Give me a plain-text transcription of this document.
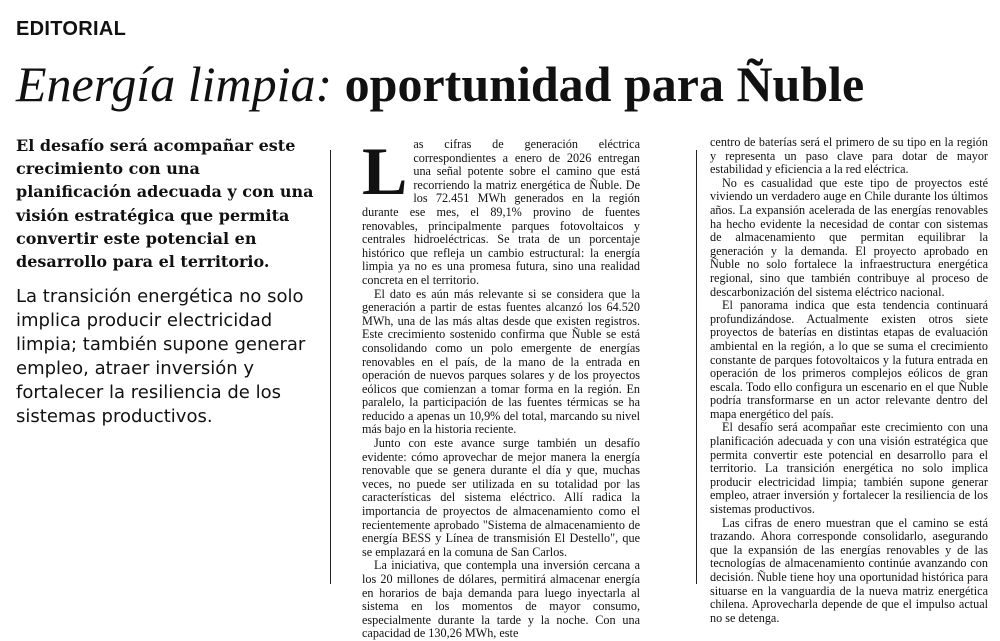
EDITORIAL
Energía limpia: oportunidad para Ñuble
El desafío será acompañar este crecimiento con una planificación adecuada y con una visión estratégica que permita convertir este potencial en desarrollo para el territorio.
La transición energética no solo implica producir electricidad limpia; también supone generar empleo, atraer inversión y fortalecer la resiliencia de los sistemas productivos.
L as cifras de generación eléctrica correspondientes a enero de 2026 entregan una señal potente sobre el camino que está recorriendo la matriz energética de Ñuble. De los 72.451 MWh generados en la región durante ese mes, el 89,1% provino de fuentes renovables, principalmente parques fotovoltaicos y centrales hidroeléctricas. Se trata de un porcentaje histórico que refleja un cambio estructural: la energía limpia ya no es una promesa futura, sino una realidad concreta en el territorio.

El dato es aún más relevante si se considera que la generación a partir de estas fuentes alcanzó los 64.520 MWh, una de las más altas desde que existen registros. Este crecimiento sostenido confirma que Ñuble se está consolidando como un polo emergente de energías renovables en el país, de la mano de la entrada en operación de nuevos parques solares y de los proyectos eólicos que comienzan a tomar forma en la región. En paralelo, la participación de las fuentes térmicas se ha reducido a apenas un 10,9% del total, marcando su nivel más bajo en la historia reciente.

Junto con este avance surge también un desafío evidente: cómo aprovechar de mejor manera la energía renovable que se genera durante el día y que, muchas veces, no puede ser utilizada en su totalidad por las características del sistema eléctrico. Allí radica la importancia de proyectos de almacenamiento como el recientemente aprobado "Sistema de almacenamiento de energía BESS y Línea de transmisión El Destello", que se emplazará en la comuna de San Carlos.

La iniciativa, que contempla una inversión cercana a los 20 millones de dólares, permitirá almacenar energía en horarios de baja demanda para luego inyectarla al sistema en los momentos de mayor consumo, especialmente durante la tarde y la noche. Con una capacidad de 130,26 MWh, este

centro de baterías será el primero de su tipo en la región y representa un paso clave para dotar de mayor estabilidad y eficiencia a la red eléctrica.

No es casualidad que este tipo de proyectos esté viviendo un verdadero auge en Chile durante los últimos años. La expansión acelerada de las energías renovables ha hecho evidente la necesidad de contar con sistemas de almacenamiento que permitan equilibrar la generación y la demanda. El proyecto aprobado en Ñuble no solo fortalece la infraestructura energética regional, sino que también contribuye al proceso de descarbonización del sistema eléctrico nacional.

El panorama indica que esta tendencia continuará profundizándose. Actualmente existen otros siete proyectos de baterías en distintas etapas de evaluación ambiental en la región, a lo que se suma el crecimiento constante de parques fotovoltaicos y la futura entrada en operación de los primeros complejos eólicos de gran escala. Todo ello configura un escenario en el que Ñuble podría transformarse en un actor relevante dentro del mapa energético del país.

El desafío será acompañar este crecimiento con una planificación adecuada y con una visión estratégica que permita convertir este potencial en desarrollo para el territorio. La transición energética no solo implica producir electricidad limpia; también supone generar empleo, atraer inversión y fortalecer la resiliencia de los sistemas productivos.

Las cifras de enero muestran que el camino se está trazando. Ahora corresponde consolidarlo, asegurando que la expansión de las energías renovables y de las tecnologías de almacenamiento continúe avanzando con decisión. Ñuble tiene hoy una oportunidad histórica para situarse en la vanguardia de la nueva matriz energética chilena. Aprovecharla depende de que el impulso actual no se detenga.
